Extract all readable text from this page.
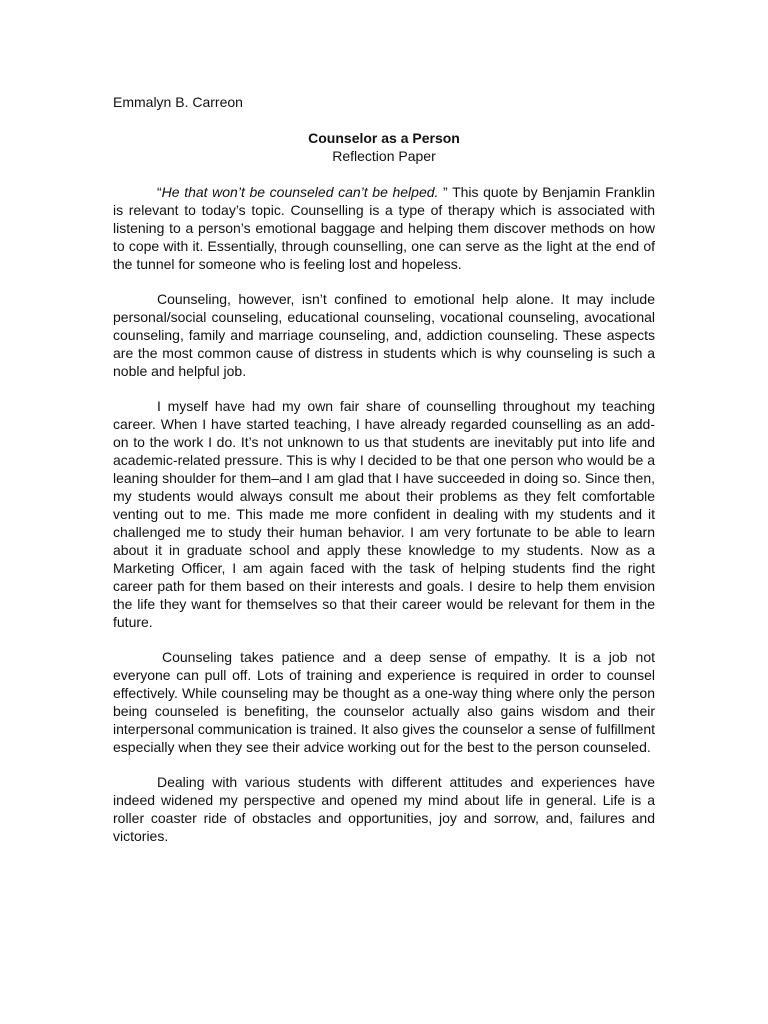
Emmalyn B. Carreon

Counselor as a Person

Reflection Paper

“He that won’t be counseled can’t be helped. ” This quote by Benjamin Franklin is relevant to today’s topic. Counselling is a type of therapy which is associated with listening to a person’s emotional baggage and helping them discover methods on how to cope with it. Essentially, through counselling, one can serve as the light at the end of the tunnel for someone who is feeling lost and hopeless.

Counseling, however, isn’t confined to emotional help alone. It may include personal/social counseling, educational counseling, vocational counseling, avocational counseling, family and marriage counseling, and, addiction counseling. These aspects are the most common cause of distress in students which is why counseling is such a noble and helpful job.

I myself have had my own fair share of counselling throughout my teaching career. When I have started teaching, I have already regarded counselling as an add-on to the work I do. It’s not unknown to us that students are inevitably put into life and academic-related pressure. This is why I decided to be that one person who would be a leaning shoulder for them–and I am glad that I have succeeded in doing so. Since then, my students would always consult me about their problems as they felt comfortable venting out to me. This made me more confident in dealing with my students and it challenged me to study their human behavior. I am very fortunate to be able to learn about it in graduate school and apply these knowledge to my students. Now as a Marketing Officer, I am again faced with the task of helping students find the right career path for them based on their interests and goals. I desire to help them envision the life they want for themselves so that their career would be relevant for them in the future.

Counseling takes patience and a deep sense of empathy. It is a job not everyone can pull off. Lots of training and experience is required in order to counsel effectively. While counseling may be thought as a one-way thing where only the person being counseled is benefiting, the counselor actually also gains wisdom and their interpersonal communication is trained. It also gives the counselor a sense of fulfillment especially when they see their advice working out for the best to the person counseled.

Dealing with various students with different attitudes and experiences have indeed widened my perspective and opened my mind about life in general. Life is a roller coaster ride of obstacles and opportunities, joy and sorrow, and, failures and victories.
